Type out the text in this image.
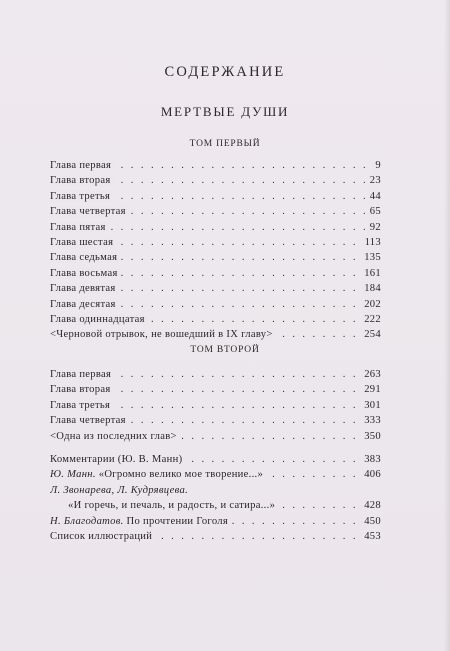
СОДЕРЖАНИЕ
МЕРТВЫЕ ДУШИ
ТОМ ПЕРВЫЙ
. . .
Глава первая	9
. . .
Глава вторая	23
. . .
Глава третья	44
. . .
Глава четвертая	65
. . .
Глава пятая	92
. . .
Глава шестая	113
. . .
Глава седьмая	135
. . .
Глава восьмая	161
. . .
Глава девятая	184
. . .
Глава десятая	202
. . .
Глава одиннадцатая	222
. . .
<Черновой отрывок, не вошедший в IX главу>	254
ТОМ ВТОРОЙ
. . .
Глава первая	263
. . .
Глава вторая	291
. . .
Глава третья	301
. . .
Глава четвертая	333
. . .
<Одна из последних глав>	350
. . .
Комментарии (Ю. В. Манн)	383
. . .
Ю. Манн. «Огромно велико мое творение...»	406
Л. Звонарева, Л. Кудрявцева.
. . .
«И горечь, и печаль, и радость, и сатира...»	428
. . .
Н. Благодатов. По прочтении Гоголя	450
. . .
Список иллюстраций	453
